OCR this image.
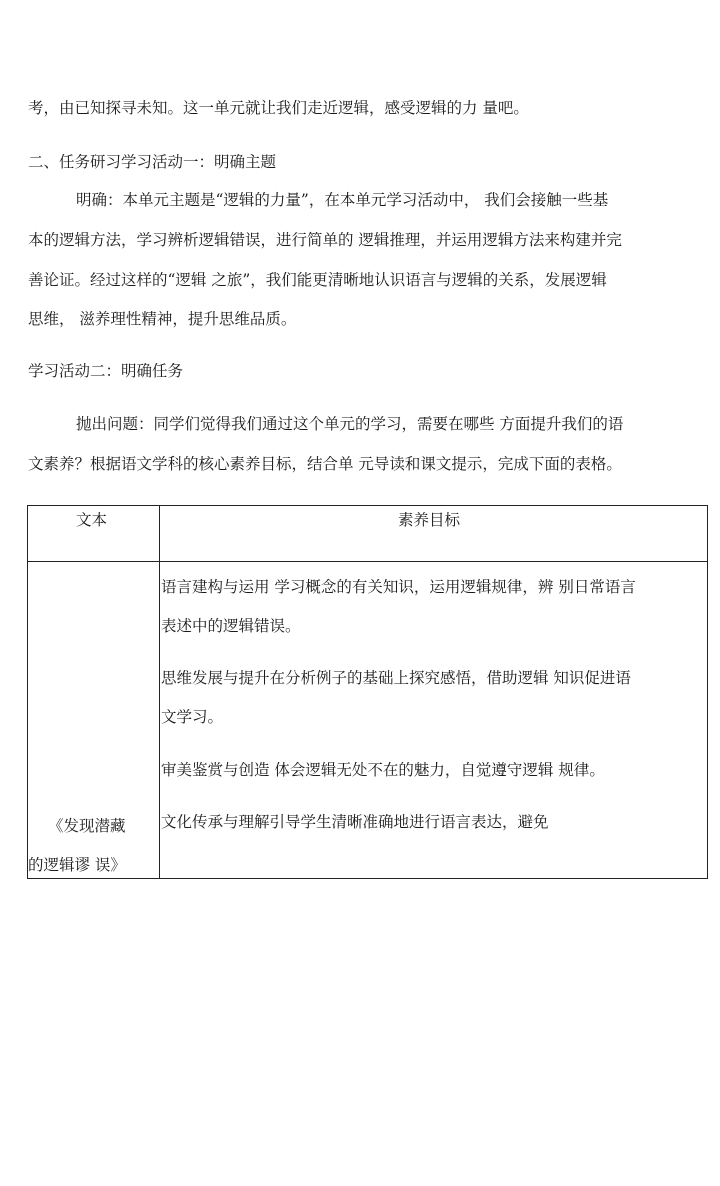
考，由已知探寻未知。这一单元就让我们走近逻辑，感受逻辑的力 量吧。
二、任务研习学习活动一：明确主题
明确：本单元主题是“逻辑的力量”，在本单元学习活动中， 我们会接触一些基
本的逻辑方法，学习辨析逻辑错误，进行简单的 逻辑推理，并运用逻辑方法来构建并完
善论证。经过这样的“逻辑 之旅”，我们能更清晰地认识语言与逻辑的关系，发展逻辑
思维， 滋养理性精神，提升思维品质。
学习活动二：明确任务
抛出问题：同学们觉得我们通过这个单元的学习，需要在哪些 方面提升我们的语
文素养？根据语文学科的核心素养目标，结合单 元导读和课文提示，完成下面的表格。
文本	素养目标
《发现潜藏
的逻辑谬 误》
语言建构与运用 学习概念的有关知识，运用逻辑规律，辨 别日常语言
表述中的逻辑错误。
思维发展与提升在分析例子的基础上探究感悟，借助逻辑 知识促进语
文学习。
审美鉴赏与创造 体会逻辑无处不在的魅力，自觉遵守逻辑 规律。
文化传承与理解引导学生清晰准确地进行语言表达，避免
